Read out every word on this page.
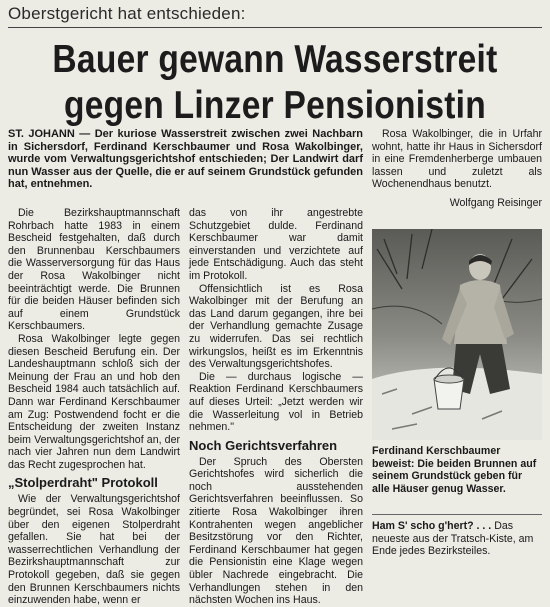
Oberstgericht hat entschieden:
Bauer gewann Wasserstreit
gegen Linzer Pensionistin
ST. JOHANN — Der kuriose Wasserstreit zwischen zwei Nachbarn in Sichersdorf, Ferdinand Kerschbaumer und Rosa Wakolbinger, wurde vom Verwaltungsgerichtshof entschieden; Der Landwirt darf nun Wasser aus der Quelle, die er auf seinem Grundstück gefunden hat, entnehmen.

Die Bezirkshauptmannschaft Rohrbach hatte 1983 in einem Bescheid festgehalten, daß durch den Brunnenbau Kerschbaumers die Wasserversorgung für das Haus der Rosa Wakolbinger nicht beeinträchtigt werde. Die Brunnen für die beiden Häuser befinden sich auf einem Grundstück Kerschbaumers.

Rosa Wakolbinger legte gegen diesen Bescheid Berufung ein. Der Landeshauptmann schloß sich der Meinung der Frau an und hob den Bescheid 1984 auch tatsächlich auf. Dann war Ferdinand Kerschbaumer am Zug: Postwendend focht er die Entscheidung der zweiten Instanz beim Verwaltungsgerichtshof an, der nach vier Jahren nun dem Landwirt das Recht zugesprochen hat.

„Stolperdraht" Protokoll

Wie der Verwaltungsgerichtshof begründet, sei Rosa Wakolbinger über den eigenen Stolperdraht gefallen. Sie hat bei der wasserrechtlichen Verhandlung der Bezirkshauptmannschaft zur Protokoll gegeben, daß sie gegen den Brunnen Kerschbaumers nichts einzuwenden habe, wenn er

das von ihr angestrebte Schutzgebiet dulde. Ferdinand Kerschbaumer war damit einverstanden und verzichtete auf jede Entschädigung. Auch das steht im Protokoll.

Offensichtlich ist es Rosa Wakolbinger mit der Berufung an das Land darum gegangen, ihre bei der Verhandlung gemachte Zusage zu widerrufen. Das sei rechtlich wirkungslos, heißt es im Erkenntnis des Verwaltungsgerichtshofes.

Die — durchaus logische — Reaktion Ferdinand Kerschbaumers auf dieses Urteil: „Jetzt werden wir die Wasserleitung vol in Betrieb nehmen."

Noch Gerichtsverfahren

Der Spruch des Obersten Gerichtshofes wird sicherlich die noch ausstehenden Gerichtsverfahren beeinflussen. So zitierte Rosa Wakolbinger ihren Kontrahenten wegen angeblicher Besitzstörung vor den Richter, Ferdinand Kerschbaumer hat gegen die Pensionistin eine Klage wegen übler Nachrede eingebracht. Die Verhandlungen stehen in den nächsten Wochen ins Haus.

Rosa Wakolbinger, die in Urfahr wohnt, hatte ihr Haus in Sichersdorf in eine Fremdenherberge umbauen lassen und zuletzt als Wochenendhaus benutzt.

Wolfgang Reisinger
Ferdinand Kerschbaumer beweist: Die beiden Brunnen auf seinem Grundstück geben für alle Häuser genug Wasser.
Ham S' scho g'hert? . . . Das neueste aus der Tratsch-Kiste, am Ende jedes Bezirksteiles.
